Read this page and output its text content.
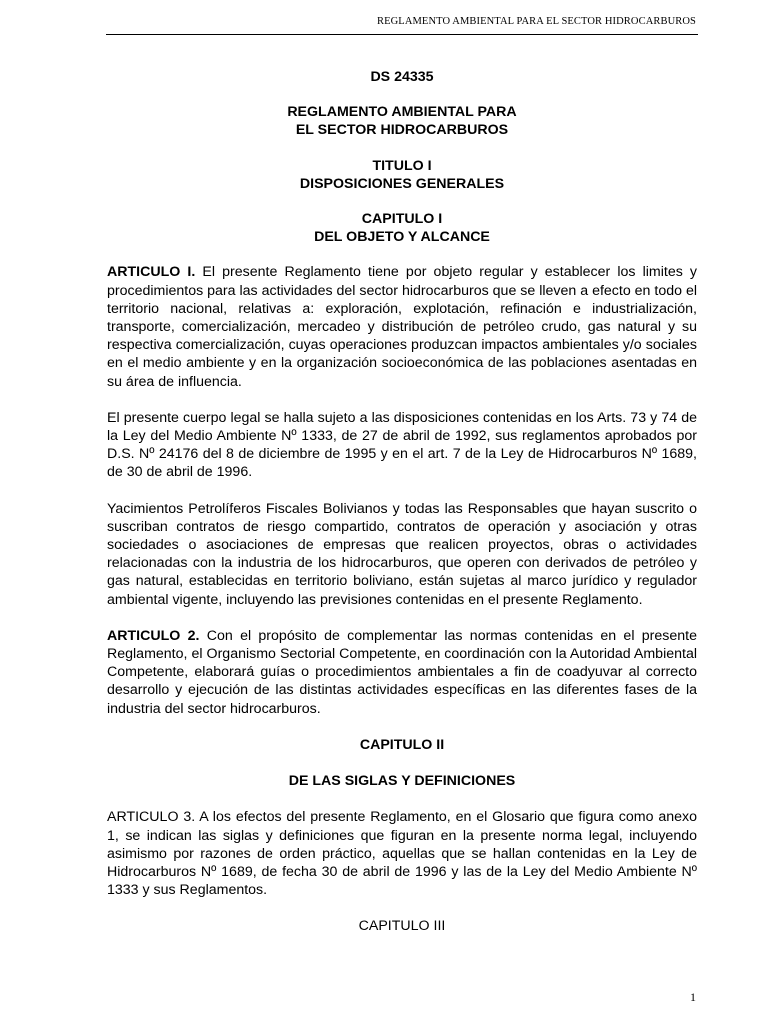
REGLAMENTO AMBIENTAL PARA EL SECTOR HIDROCARBUROS

DS 24335

REGLAMENTO AMBIENTAL PARA

EL SECTOR HIDROCARBUROS

TITULO I

DISPOSICIONES GENERALES

CAPITULO I

DEL OBJETO Y ALCANCE

ARTICULO I. El presente Reglamento tiene por objeto regular y establecer los limites y procedimientos para las actividades del sector hidrocarburos que se lleven a efecto en todo el territorio nacional, relativas a: exploración, explotación, refinación e industrialización, transporte, comercialización, mercadeo y distribución de petróleo crudo, gas natural y su respectiva comercialización, cuyas operaciones produzcan impactos ambientales y/o sociales en el medio ambiente y en la organización socioeconómica de las poblaciones asentadas en su área de influencia.

El presente cuerpo legal se halla sujeto a las disposiciones contenidas en los Arts. 73 y 74 de la Ley del Medio Ambiente Nº 1333, de 27 de abril de 1992, sus reglamentos aprobados por D.S. Nº 24176 del 8 de diciembre de 1995 y en el art. 7 de la Ley de Hidrocarburos Nº 1689, de 30 de abril de 1996.

Yacimientos Petrolíferos Fiscales Bolivianos y todas las Responsables que hayan suscrito o suscriban contratos de riesgo compartido, contratos de operación y asociación y otras sociedades o asociaciones de empresas que realicen proyectos, obras o actividades relacionadas con la industria de los hidrocarburos, que operen con derivados de petróleo y gas natural, establecidas en territorio boliviano, están sujetas al marco jurídico y regulador ambiental vigente, incluyendo las previsiones contenidas en el presente Reglamento.

ARTICULO 2. Con el propósito de complementar las normas contenidas en el presente Reglamento, el Organismo Sectorial Competente, en coordinación con la Autoridad Ambiental Competente, elaborará guías o procedimientos ambientales a fin de coadyuvar al correcto desarrollo y ejecución de las distintas actividades específicas en las diferentes fases de la industria del sector hidrocarburos.

CAPITULO II

DE LAS SIGLAS Y DEFINICIONES

ARTICULO 3. A los efectos del presente Reglamento, en el Glosario que figura como anexo 1, se indican las siglas y definiciones que figuran en la presente norma legal, incluyendo asimismo por razones de orden práctico, aquellas que se hallan contenidas en la Ley de Hidrocarburos Nº 1689, de fecha 30 de abril de 1996 y las de la Ley del Medio Ambiente Nº 1333 y sus Reglamentos.

CAPITULO III

1
